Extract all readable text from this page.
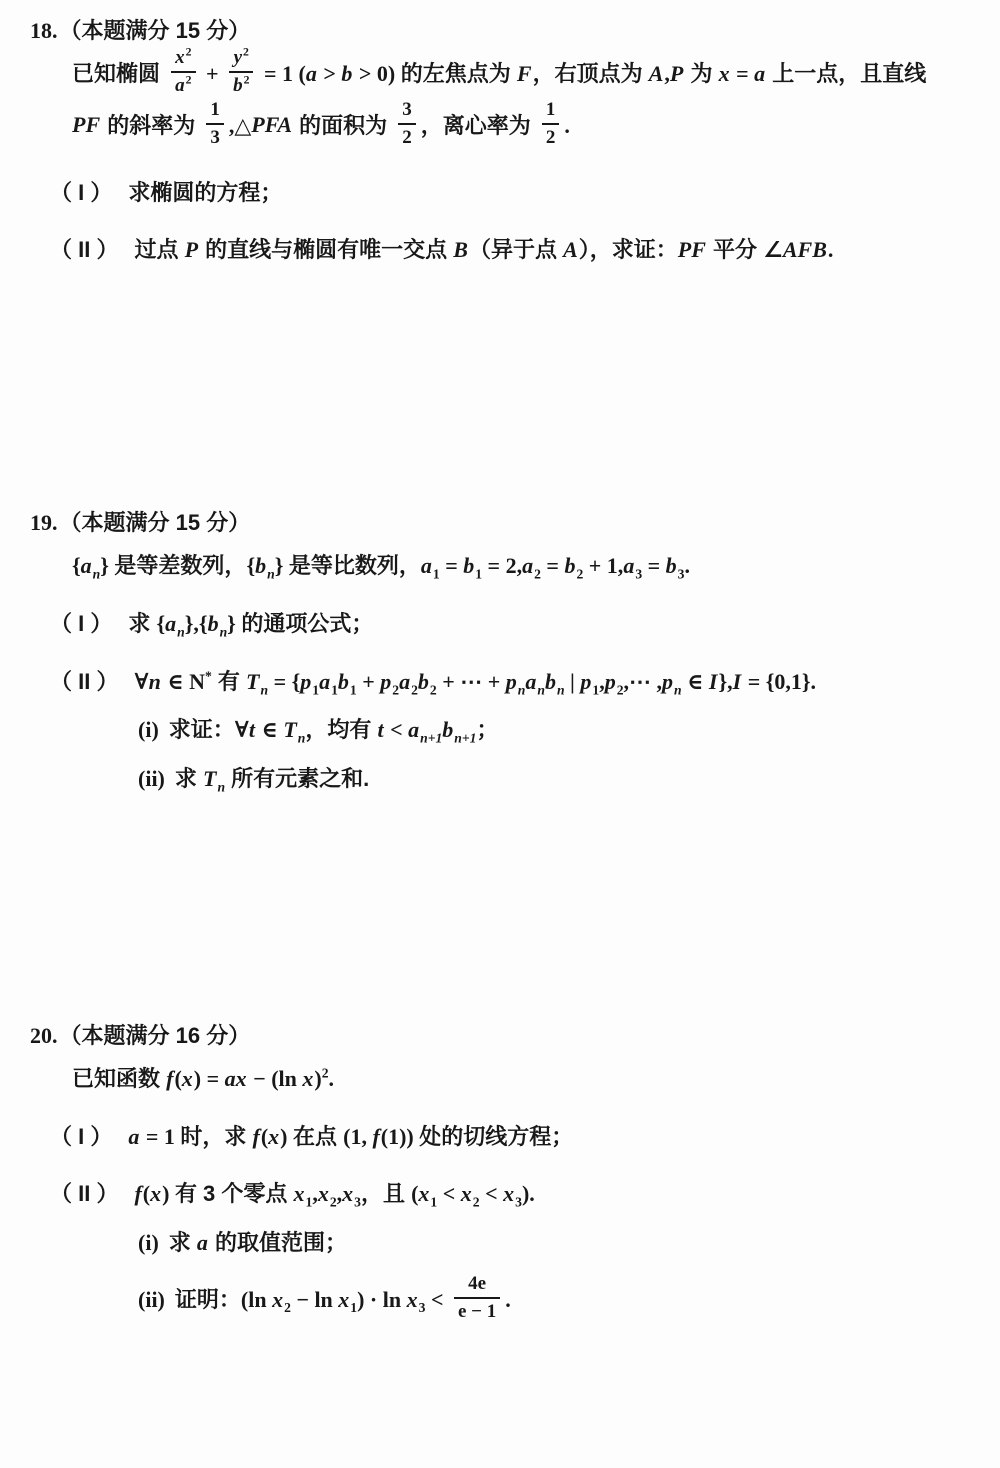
18.（本题满分 15 分）
已知椭圆 $\frac{x^2}{a^2} + \frac{y^2}{b^2} = 1$ (a > b > 0) 的左焦点为 F，右顶点为 A,P 为 x = a 上一点，且直线
PF 的斜率为 $\frac{1}{3}$ ,△PFA 的面积为 $\frac{3}{2}$ ，离心率为 $\frac{1}{2}$ .
（ I ） 求椭圆的方程；
（ II ） 过点 P 的直线与椭圆有唯一交点 B（异于点 A），求证：PF 平分 ∠AFB.
19.（本题满分 15 分）
$\{a_n\}$ 是等差数列，$\{b_n\}$ 是等比数列，$a_1 = b_1 = 2,a_2 = b_2 + 1,a_3 = b_3$.
（ I ） 求 $\{a_n\},\{b_n\}$ 的通项公式；
（ II ） ∀n ∈ N* 有 $T_n = \{p_1a_1b_1 + p_2a_2b_2$ + ⋯ + $p_na_nb_n$ | $p_1,p_2,\cdots$ $,p_n$ ∈ I},I = {0,1}.
(i) 求证：∀t ∈ $T_n$，均有 $t < a_{n+1}b_{n+1}$；
(ii) 求 $T_n$ 所有元素之和.
20.（本题满分 16 分）
已知函数 f(x) = ax − (ln x)$^2$.
（ I ） a = 1 时，求 f(x) 在点 (1, f(1)) 处的切线方程；
（ II ） f(x) 有 3 个零点 $x_1,x_2,x_3$，且 $(x_1 < x_2 < x_3)$.
(i) 求 a 的取值范围；
(ii) 证明：(ln $x_2 - \ln x_1) \cdot \ln x_3 < \frac{4e}{e - 1}$ .
